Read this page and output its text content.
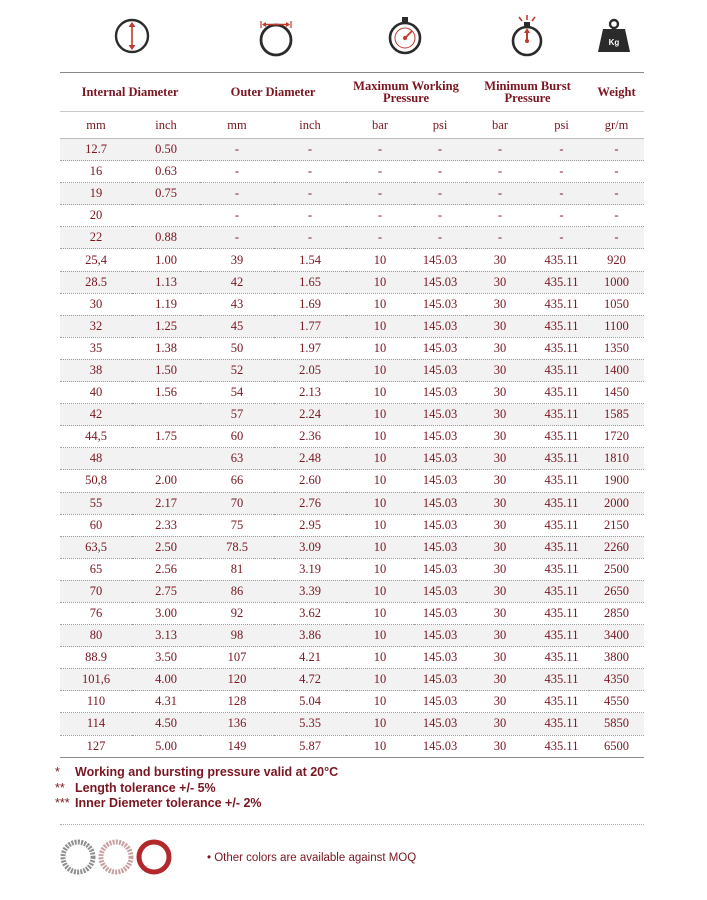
Kg
Internal Diameter		Outer Diameter		Maximum Working Pressure		Minimum Burst Pressure		Weight
mm	inch	mm	inch	bar	psi	bar	psi	gr/m
12.7	0.50	-	-	-	-	-	-	-
16	0.63	-	-	-	-	-	-	-
19	0.75	-	-	-	-	-	-	-
20		-	-	-	-	-	-	-
22	0.88	-	-	-	-	-	-	-
25,4	1.00	39	1.54	10	145.03	30	435.11	920
28.5	1.13	42	1.65	10	145.03	30	435.11	1000
30	1.19	43	1.69	10	145.03	30	435.11	1050
32	1.25	45	1.77	10	145.03	30	435.11	1100
35	1.38	50	1.97	10	145.03	30	435.11	1350
38	1.50	52	2.05	10	145.03	30	435.11	1400
40	1.56	54	2.13	10	145.03	30	435.11	1450
42		57	2.24	10	145.03	30	435.11	1585
44,5	1.75	60	2.36	10	145.03	30	435.11	1720
48		63	2.48	10	145.03	30	435.11	1810
50,8	2.00	66	2.60	10	145.03	30	435.11	1900
55	2.17	70	2.76	10	145.03	30	435.11	2000
60	2.33	75	2.95	10	145.03	30	435.11	2150
63,5	2.50	78.5	3.09	10	145.03	30	435.11	2260
65	2.56	81	3.19	10	145.03	30	435.11	2500
70	2.75	86	3.39	10	145.03	30	435.11	2650
76	3.00	92	3.62	10	145.03	30	435.11	2850
80	3.13	98	3.86	10	145.03	30	435.11	3400
88.9	3.50	107	4.21	10	145.03	30	435.11	3800
101,6	4.00	120	4.72	10	145.03	30	435.11	4350
110	4.31	128	5.04	10	145.03	30	435.11	4550
114	4.50	136	5.35	10	145.03	30	435.11	5850
127	5.00	149	5.87	10	145.03	30	435.11	6500
* Working and bursting pressure valid at 20°C
** Length tolerance +/- 5%
*** Inner Diemeter tolerance +/- 2%
• Other colors are available against MOQ
